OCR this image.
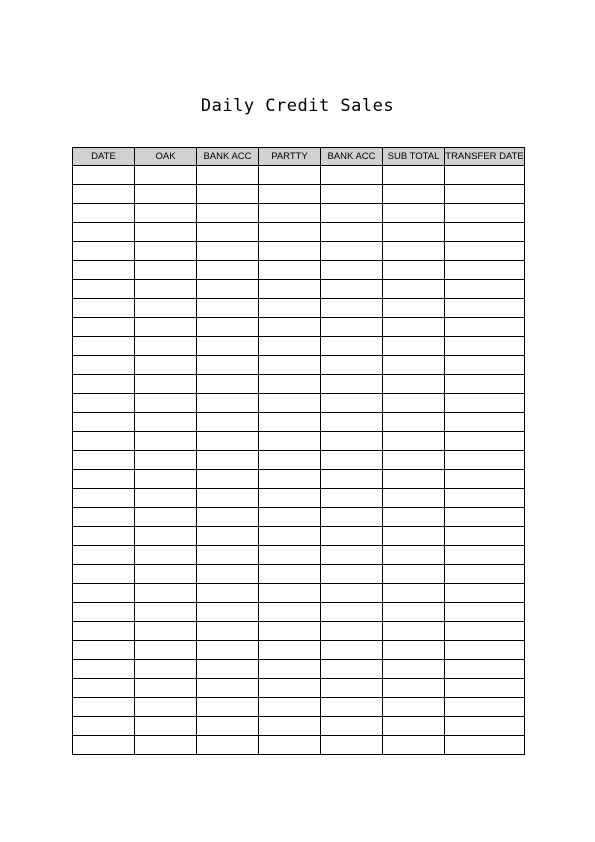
Daily Credit Sales
DATE	OAK	BANK ACC	PARTTY	BANK ACC	SUB TOTAL	TRANSFER DATE
